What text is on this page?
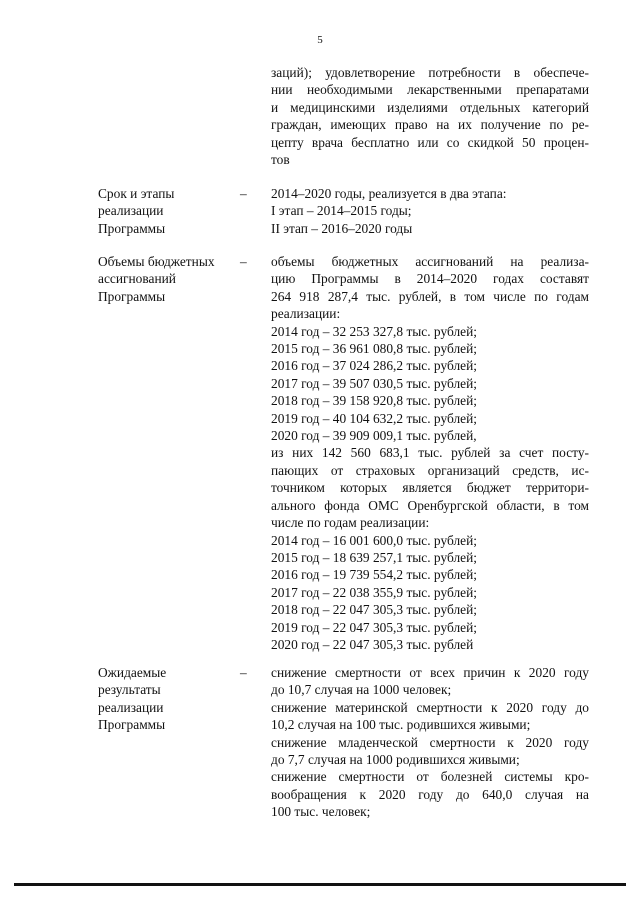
5
заций); удовлетворение потребности в обеспече-
нии необходимыми лекарственными препаратами
и медицинскими изделиями отдельных категорий
граждан, имеющих право на их получение по ре-
цепту врача бесплатно или со скидкой 50 процен-
тов
Срок и этапы
реализации
Программы
–	2014–2020 годы, реализуется в два этапа:
I этап – 2014–2015 годы;
II этап – 2016–2020 годы
Объемы бюджетных
ассигнований
Программы
–	объемы бюджетных ассигнований на реализа-
цию Программы в 2014–2020 годах составят
264 918 287,4 тыс. рублей, в том числе по годам
реализации:
2014 год – 32 253 327,8 тыс. рублей;
2015 год – 36 961 080,8 тыс. рублей;
2016 год – 37 024 286,2 тыс. рублей;
2017 год – 39 507 030,5 тыс. рублей;
2018 год – 39 158 920,8 тыс. рублей;
2019 год – 40 104 632,2 тыс. рублей;
2020 год – 39 909 009,1 тыс. рублей,
из них 142 560 683,1 тыс. рублей за счет посту-
пающих от страховых организаций средств, ис-
точником которых является бюджет территори-
ального фонда ОМС Оренбургской области, в том
числе по годам реализации:
2014 год – 16 001 600,0 тыс. рублей;
2015 год – 18 639 257,1 тыс. рублей;
2016 год – 19 739 554,2 тыс. рублей;
2017 год – 22 038 355,9 тыс. рублей;
2018 год – 22 047 305,3 тыс. рублей;
2019 год – 22 047 305,3 тыс. рублей;
2020 год – 22 047 305,3 тыс. рублей
Ожидаемые
результаты
реализации
Программы
–	снижение смертности от всех причин к 2020 году
до 10,7 случая на 1000 человек;
снижение материнской смертности к 2020 году до
10,2 случая на 100 тыс. родившихся живыми;
снижение младенческой смертности к 2020 году
до 7,7 случая на 1000 родившихся живыми;
снижение смертности от болезней системы кро-
вообращения к 2020 году до 640,0 случая на
100 тыс. человек;
